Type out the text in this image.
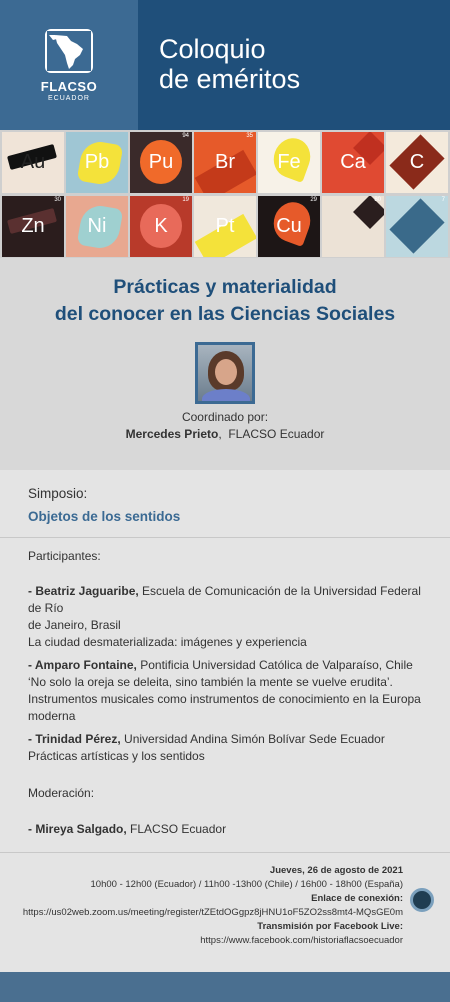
FLACSO
ECUADOR
Coloquio
de eméritos
Au Pb
94
Pu
35
Br Fe Ca C
30
Zn Ni
19
K Pt
29
Cu
80	7
Prácticas y materialidad
del conocer en las Ciencias Sociales
Coordinado por:
Mercedes Prieto,  FLACSO Ecuador
Simposio:
Objetos de los sentidos
Participantes:
- Beatriz Jaguaribe, Escuela de Comunicación de la Universidad Federal de Río
de Janeiro, Brasil
La ciudad desmaterializada: imágenes y experiencia
- Amparo Fontaine, Pontificia Universidad Católica de Valparaíso, Chile
‘No solo la oreja se deleita, sino también la mente se vuelve erudita’.
Instrumentos musicales como instrumentos de conocimiento en la Europa moderna
- Trinidad Pérez, Universidad Andina Simón Bolívar Sede Ecuador
Prácticas artísticas y los sentidos
Moderación:
- Mireya Salgado, FLACSO Ecuador
Jueves, 26 de agosto de 2021
10h00 - 12h00 (Ecuador) / 11h00 -13h00 (Chile) / 16h00 - 18h00 (España)
Enlace de conexión:
https://us02web.zoom.us/meeting/register/tZEtdOGgpz8jHNU1oF5ZO2ss8mt4-MQsGE0m
Transmisión por Facebook Live:
https://www.facebook.com/historiaflacsoecuador
